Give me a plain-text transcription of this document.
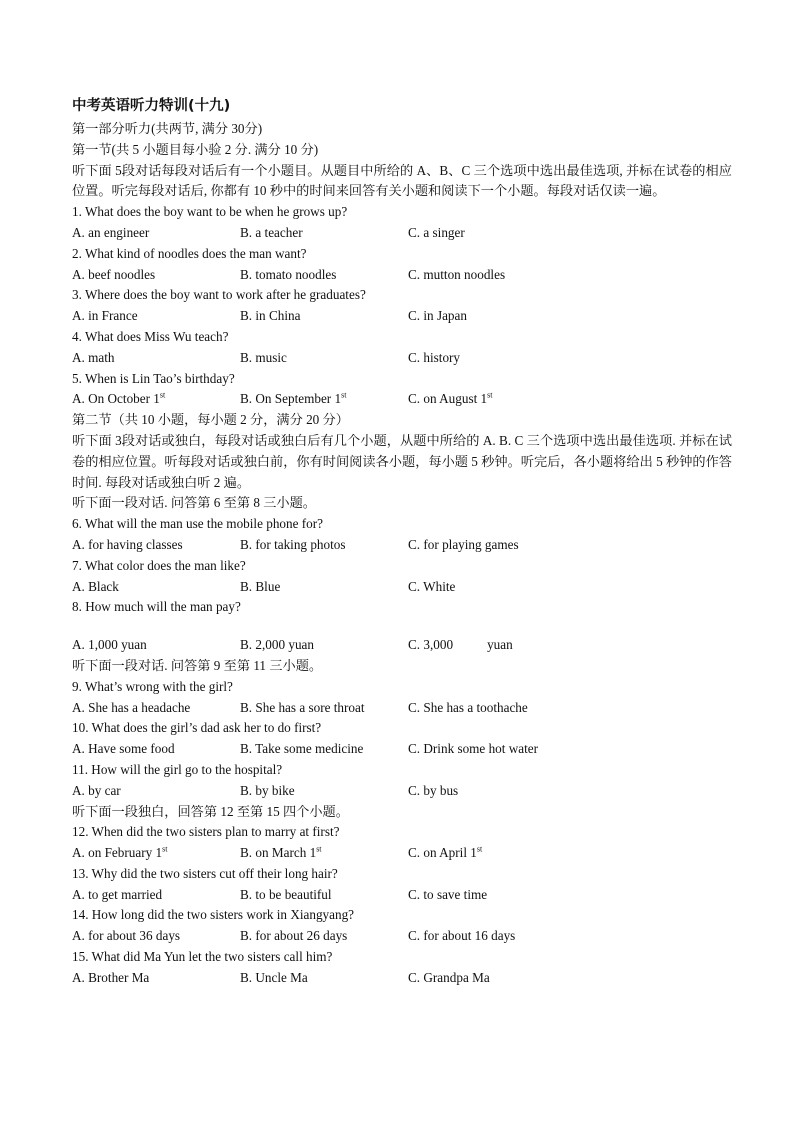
中考英语听力特训(十九)
第一部分听力(共两节, 满分 30分)
第一节(共 5 小题目每小验 2 分. 满分 10 分)
听下面 5段对话每段对话后有一个小题目。从题目中所给的 A、B、C 三个选项中选出最佳选项, 并标在试卷的相应位置。听完每段对话后, 你都有 10 秒中的时间来回答有关小题和阅读下一个小题。每段对话仅读一遍。
1. What does the boy want to be when he grows up?
A. an engineer	B. a teacher	C. a singer
2. What kind of noodles does the man want?
A. beef noodles	B. tomato noodles	C. mutton noodles
3. Where does the boy want to work after he graduates?
A. in France	B. in China	C. in Japan
4. What does Miss Wu teach?
A. math	B. music	C. history
5. When is Lin Tao’s birthday?
A. On October 1st	B. On September 1st	C. on August 1st
第二节（共 10 小题，每小题 2 分，满分 20 分）
听下面 3段对话或独白，每段对话或独白后有几个小题，从题中所给的 A. B. C 三个选项中选出最佳选项. 并标在试卷的相应位置。听每段对话或独白前，你有时间阅读各小题，每小题 5 秒钟。听完后，各小题将给出 5 秒钟的作答时间. 每段对话或独白听 2 遍。
听下面一段对话. 问答第 6 至第 8 三小题。
6. What will the man use the mobile phone for?
A. for having classes	B. for taking photos	C. for playing games
7. What color does the man like?
A. Black	B. Blue	C. White
8. How much will the man pay?
A. 1,000 yuan	B. 2,000 yuan	C. 3,000	yuan
听下面一段对话. 问答第 9 至第 11 三小题。
9. What’s wrong with the girl?
A. She has a headache	B. She has a sore throat	C. She has a toothache
10. What does the girl’s dad ask her to do first?
A. Have some food	B. Take some medicine	C. Drink some hot water
11. How will the girl go to the hospital?
A. by car	B. by bike	C. by bus
听下面一段独白，回答第 12 至第 15 四个小题。
12. When did the two sisters plan to marry at first?
A. on February 1st	B. on March 1st	C. on April 1st
13. Why did the two sisters cut off their long hair?
A. to get married	B. to be beautiful	C. to save time
14. How long did the two sisters work in Xiangyang?
A. for about 36 days	B. for about 26 days	C. for about 16 days
15. What did Ma Yun let the two sisters call him?
A. Brother Ma	B. Uncle Ma	C. Grandpa Ma
